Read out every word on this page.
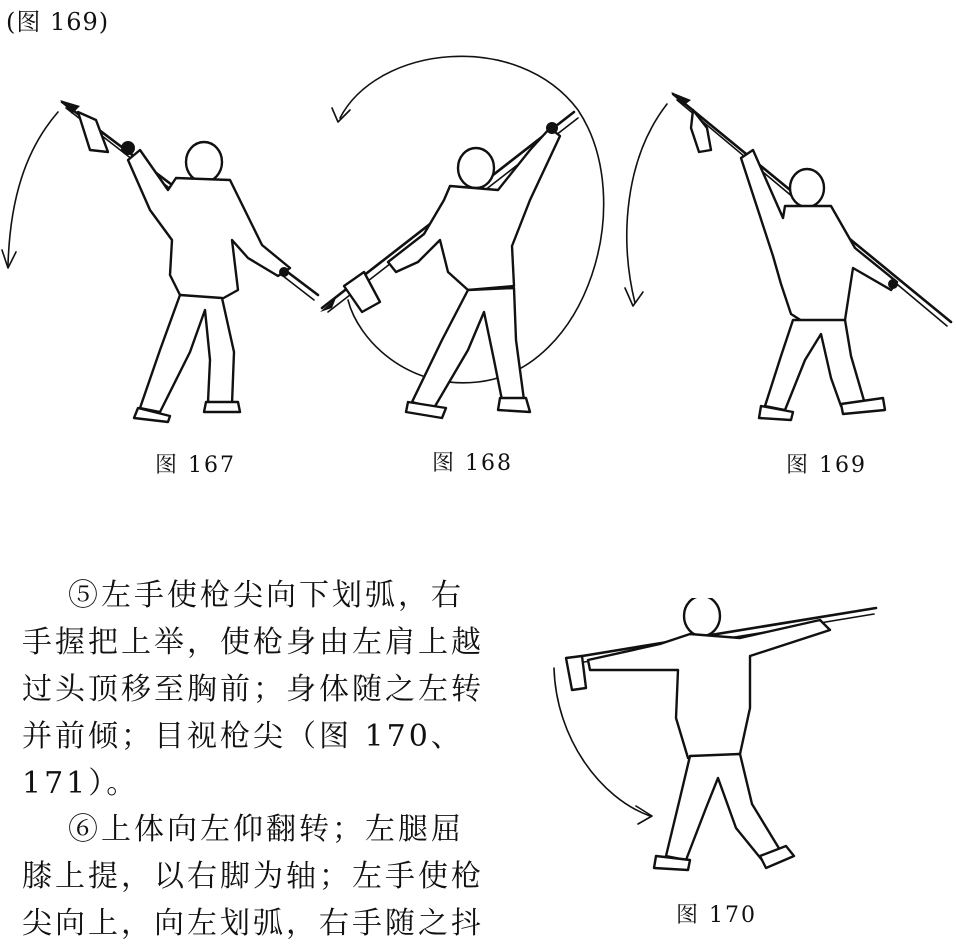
(图 169)
图 167	图 168	图 169
⑤左手使枪尖向下划弧，右
手握把上举，使枪身由左肩上越
过头顶移至胸前；身体随之左转
并前倾；目视枪尖（图 170、
171）。
⑥上体向左仰翻转；左腿屈
膝上提，以右脚为轴；左手使枪
尖向上，向左划弧，右手随之抖	图 170
